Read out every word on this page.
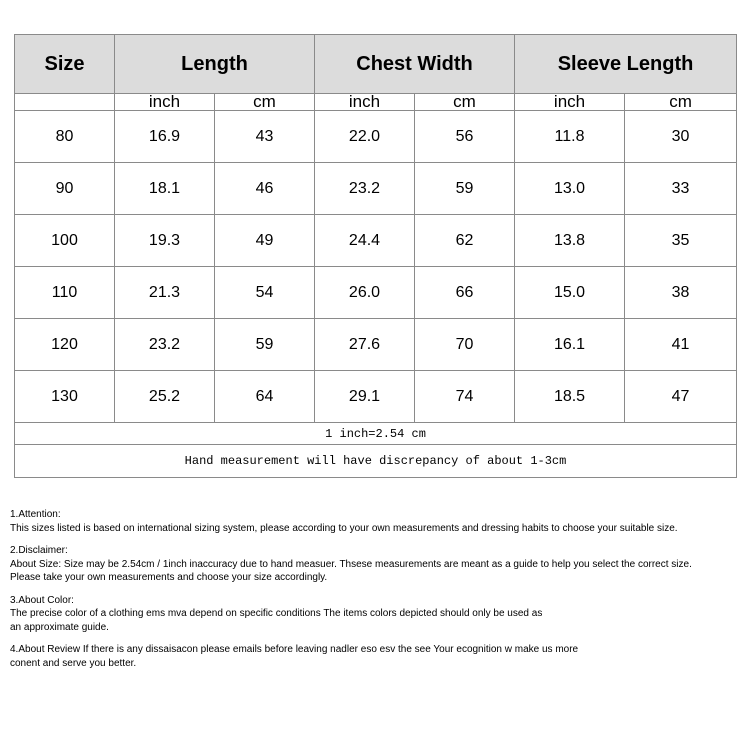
Size	Length		Chest Width		Sleeve Length	
	inch	cm	inch	cm	inch	cm
80	16.9	43	22.0	56	11.8	30
90	18.1	46	23.2	59	13.0	33
100	19.3	49	24.4	62	13.8	35
110	21.3	54	26.0	66	15.0	38
120	23.2	59	27.6	70	16.1	41
130	25.2	64	29.1	74	18.5	47
1 inch=2.54 cm						
Hand measurement will have discrepancy of about 1-3cm						

1.Attention:
This sizes listed is based on international sizing system, please according to your own measurements and dressing habits to choose your suitable size.

2.Disclaimer:
About Size: Size may be 2.54cm / 1inch inaccuracy due to hand measuer. Thsese measurements are meant as a guide to help you select the correct size.
Please take your own measurements and choose your size accordingly.

3.About Color:
The precise color of a clothing ems mva depend on specific conditions The items colors depicted should only be used as
an approximate guide.

4.About Review If there is any dissaisacon please emails before leaving nadler eso esv the see Your ecognition w make us more
conent and serve you better.
